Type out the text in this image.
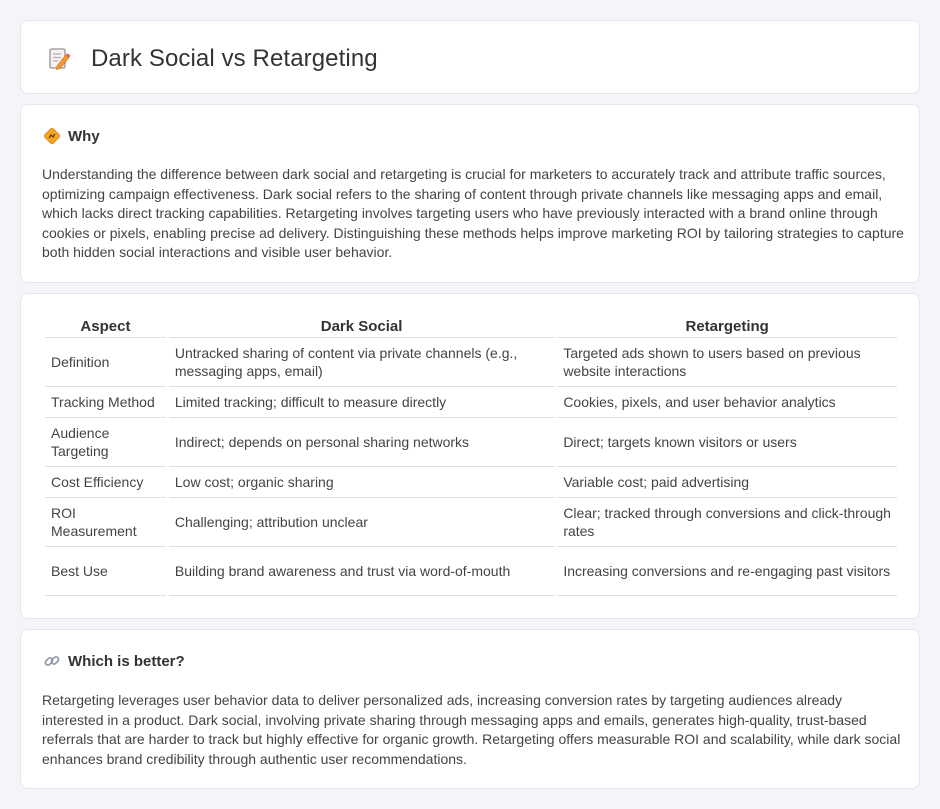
Dark Social vs Retargeting
Why

Understanding the difference between dark social and retargeting is crucial for marketers to accurately track and attribute traffic sources, optimizing campaign effectiveness. Dark social refers to the sharing of content through private channels like messaging apps and email, which lacks direct tracking capabilities. Retargeting involves targeting users who have previously interacted with a brand online through cookies or pixels, enabling precise ad delivery. Distinguishing these methods helps improve marketing ROI by tailoring strategies to capture both hidden social interactions and visible user behavior.

Aspect	Dark Social	Retargeting
Definition	Untracked sharing of content via private channels (e.g., messaging apps, email)	Targeted ads shown to users based on previous website interactions
Tracking Method	Limited tracking; difficult to measure directly	Cookies, pixels, and user behavior analytics
Audience Targeting	Indirect; depends on personal sharing networks	Direct; targets known visitors or users
Cost Efficiency	Low cost; organic sharing	Variable cost; paid advertising
ROI Measurement	Challenging; attribution unclear	Clear; tracked through conversions and click-through rates
Best Use	Building brand awareness and trust via word-of-mouth	Increasing conversions and re-engaging past visitors
Which is better?

Retargeting leverages user behavior data to deliver personalized ads, increasing conversion rates by targeting audiences already interested in a product. Dark social, involving private sharing through messaging apps and emails, generates high-quality, trust-based referrals that are harder to track but highly effective for organic growth. Retargeting offers measurable ROI and scalability, while dark social enhances brand credibility through authentic user recommendations.
